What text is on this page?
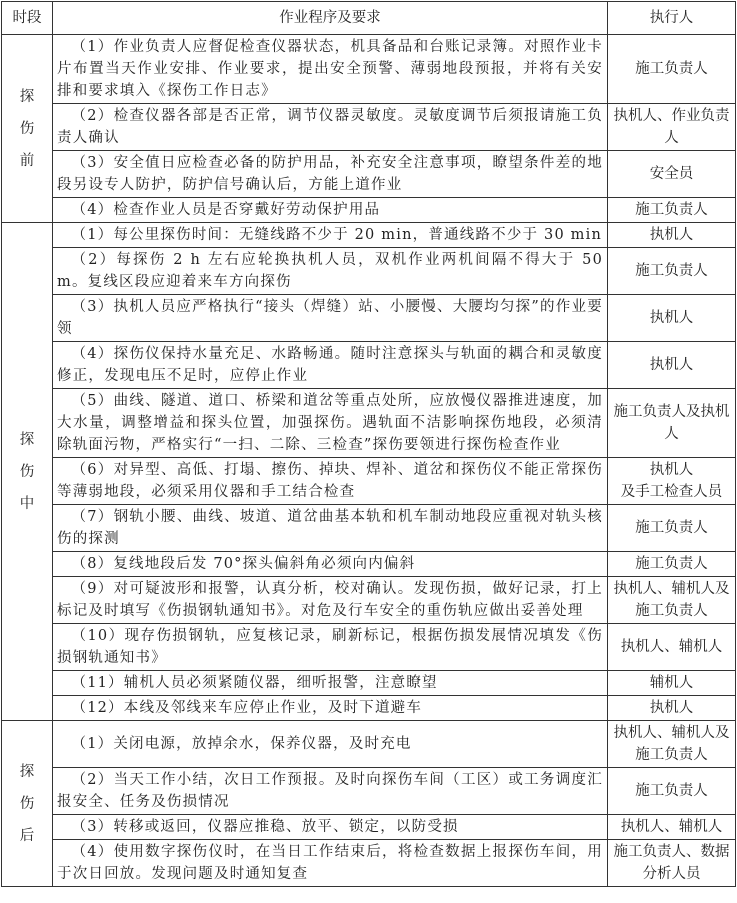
时段	作业程序及要求	执行人

探
伤
前	（1）作业负责人应督促检查仪器状态，机具备品和台账记录簿。对照作业卡片布置当天作业安排、作业要求，提出安全预警、薄弱地段预报，并将有关安排和要求填入《探伤工作日志》	施工负责人
	（2）检查仪器各部是否正常，调节仪器灵敏度。灵敏度调节后须报请施工负责人确认	执机人、作业负责人
	（3）安全值日应检查必备的防护用品，补充安全注意事项，瞭望条件差的地段另设专人防护，防护信号确认后，方能上道作业	安全员
	（4）检查作业人员是否穿戴好劳动保护用品	施工负责人

探
伤
中	（1）每公里探伤时间：无缝线路不少于 20 min，普通线路不少于 30 min	执机人
	（2）每探伤 2 h 左右应轮换执机人员，双机作业两机间隔不得大于 50 m。复线区段应迎着来车方向探伤	施工负责人
	（3）执机人员应严格执行“接头（焊缝）站、小腰慢、大腰均匀探”的作业要领	执机人
	（4）探伤仪保持水量充足、水路畅通。随时注意探头与轨面的耦合和灵敏度修正，发现电压不足时，应停止作业	执机人
	（5）曲线、隧道、道口、桥梁和道岔等重点处所，应放慢仪器推进速度，加大水量，调整增益和探头位置，加强探伤。遇轨面不洁影响探伤地段，必须清除轨面污物，严格实行“一扫、二除、三检查”探伤要领进行探伤检查作业	施工负责人及执机人
	（6）对异型、高低、打塌、擦伤、掉块、焊补、道岔和探伤仪不能正常探伤等薄弱地段，必须采用仪器和手工结合检查	执机人
及手工检查人员
	（7）钢轨小腰、曲线、坡道、道岔曲基本轨和机车制动地段应重视对轨头核伤的探测	施工负责人
	（8）复线地段后发 70°探头偏斜角必须向内偏斜	施工负责人
	（9）对可疑波形和报警，认真分析，校对确认。发现伤损，做好记录，打上标记及时填写《伤损钢轨通知书》。对危及行车安全的重伤轨应做出妥善处理	执机人、辅机人及施工负责人
	（10）现存伤损钢轨，应复核记录，刷新标记，根据伤损发展情况填发《伤损钢轨通知书》	执机人、辅机人
	（11）辅机人员必须紧随仪器，细听报警，注意瞭望	辅机人
	（12）本线及邻线来车应停止作业，及时下道避车	执机人

探
伤
后	（1）关闭电源，放掉余水，保养仪器，及时充电	执机人、辅机人及施工负责人
	（2）当天工作小结，次日工作预报。及时向探伤车间（工区）或工务调度汇报安全、任务及伤损情况	施工负责人
	（3）转移或返回，仪器应推稳、放平、锁定，以防受损	执机人、辅机人
	（4）使用数字探伤仪时，在当日工作结束后，将检查数据上报探伤车间，用于次日回放。发现问题及时通知复查	施工负责人、数据分析人员
